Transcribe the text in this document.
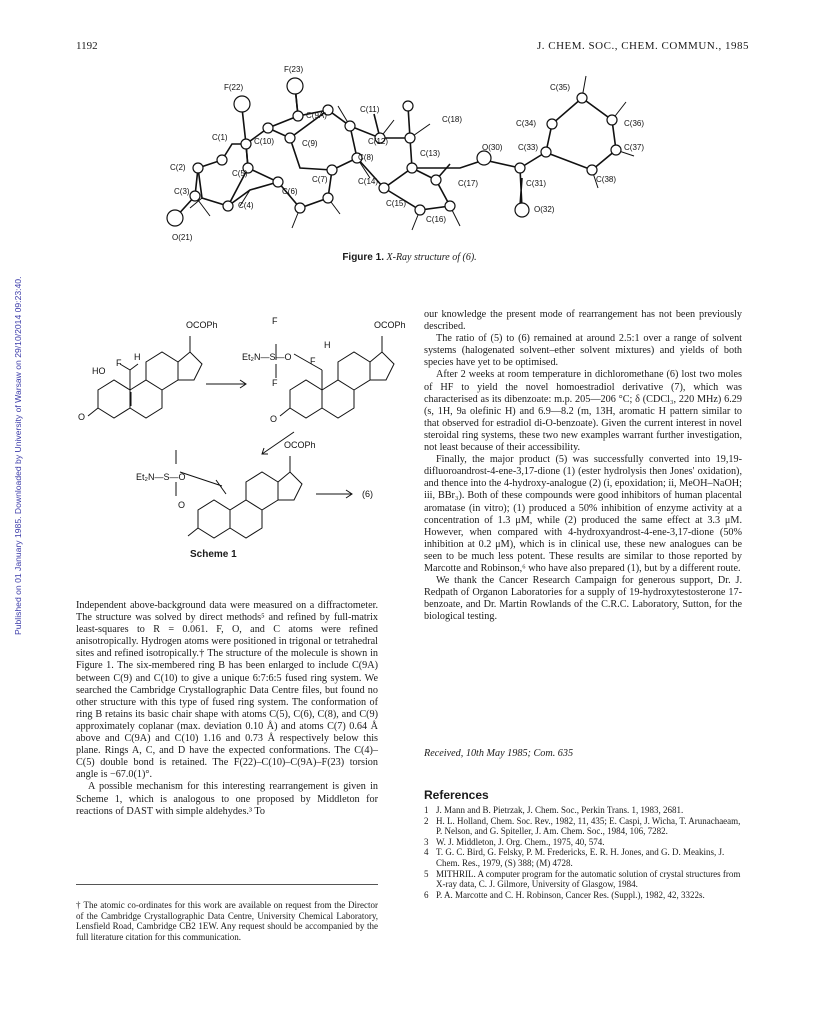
1192	J. CHEM. SOC., CHEM. COMMUN., 1985
Published on 01 January 1985. Downloaded by University of Warsaw on 29/10/2014 09:23:40.
F(23)
F(22)
C(9A)
C(11)
C(18)
C(35)
C(1)	C(10)	C(9)	C(12)
C(34)	C(36)
C(2)
C(8)	C(13)
O(30) C(33)	C(37)
C(5)
C(7)	C(14)	C(17)	C(31)	C(38)
C(3)	C(6)
C(15)
C(4)
C(16)
O(32)
O(21)
Figure 1. X-Ray structure of (6).
OCOPh
F
H
HO
O
OCOPh
F
Et₂N—S—O
F
F
H
O
OCOPh
Et₂N—S—O
O
(6)
Scheme 1

Independent above-background data were measured on a diffractometer. The structure was solved by direct methods⁵ and refined by full-matrix least-squares to R = 0.061. F, O, and C atoms were refined anisotropically. Hydrogen atoms were positioned in trigonal or tetrahedral sites and refined isotropically.† The structure of the molecule is shown in Figure 1. The six-membered ring B has been enlarged to include C(9A) between C(9) and C(10) to give a unique 6:7:6:5 fused ring system. We searched the Cambridge Crystallographic Data Centre files, but found no other structure with this type of fused ring system. The conformation of ring B retains its basic chair shape with atoms C(5), C(6), C(8), and C(9) approximately coplanar (max. deviation 0.10 Å) and atoms C(7) 0.64 Å above and C(9A) and C(10) 1.16 and 0.73 Å respectively below this plane. Rings A, C, and D have the expected conformations. The C(4)–C(5) double bond is retained. The F(22)–C(10)–C(9A)–F(23) torsion angle is −67.0(1)°.

A possible mechanism for this interesting rearrangement is given in Scheme 1, which is analogous to one proposed by Middleton for reactions of DAST with simple aldehydes.³ To

† The atomic co-ordinates for this work are available on request from the Director of the Cambridge Crystallographic Data Centre, University Chemical Laboratory, Lensfield Road, Cambridge CB2 1EW. Any request should be accompanied by the full literature citation for this communication.

our knowledge the present mode of rearrangement has not been previously described.

The ratio of (5) to (6) remained at around 2.5:1 over a range of solvent systems (halogenated solvent–ether solvent mixtures) and yields of both species have yet to be optimised.

After 2 weeks at room temperature in dichloromethane (6) lost two moles of HF to yield the novel homoestradiol derivative (7), which was characterised as its dibenzoate: m.p. 205—206 °C; δ (CDCl₃, 220 MHz) 6.29 (s, 1H, 9a olefinic H) and 6.9—8.2 (m, 13H, aromatic H pattern similar to that observed for estradiol di-O-benzoate). Given the current interest in novel steroidal ring systems, these two new examples warrant further investigation, not least because of their accessibility.

Finally, the major product (5) was successfully converted into 19,19-difluoroandrost-4-ene-3,17-dione (1) (ester hydrolysis then Jones' oxidation), and thence into the 4-hydroxy-analogue (2) (i, epoxidation; ii, MeOH–NaOH; iii, BBr₃). Both of these compounds were good inhibitors of human placental aromatase (in vitro); (1) produced a 50% inhibition of enzyme activity at a concentration of 1.3 μM, while (2) produced the same effect at 3.3 μM. However, when compared with 4-hydroxyandrost-4-ene-3,17-dione (50% inhibition at 0.2 μM), which is in clinical use, these new analogues can be seen to be much less potent. These results are similar to those reported by Marcotte and Robinson,⁶ who have also prepared (1), but by a different route.

We thank the Cancer Research Campaign for generous support, Dr. J. Redpath of Organon Laboratories for a supply of 19-hydroxytestosterone 17-benzoate, and Dr. Martin Rowlands of the C.R.C. Laboratory, Sutton, for the biological testing.

Received, 10th May 1985; Com. 635
References
1 J. Mann and B. Pietrzak, J. Chem. Soc., Perkin Trans. 1, 1983, 2681.
2 H. L. Holland, Chem. Soc. Rev., 1982, 11, 435; E. Caspi, J. Wicha, T. Arunachaeam, P. Nelson, and G. Spiteller, J. Am. Chem. Soc., 1984, 106, 7282.
3 W. J. Middleton, J. Org. Chem., 1975, 40, 574.
4 T. G. C. Bird, G. Felsky, P. M. Fredericks, E. R. H. Jones, and G. D. Meakins, J. Chem. Res., 1979, (S) 388; (M) 4728.
5 MITHRIL. A computer program for the automatic solution of crystal structures from X-ray data, C. J. Gilmore, University of Glasgow, 1984.
6 P. A. Marcotte and C. H. Robinson, Cancer Res. (Suppl.), 1982, 42, 3322s.
